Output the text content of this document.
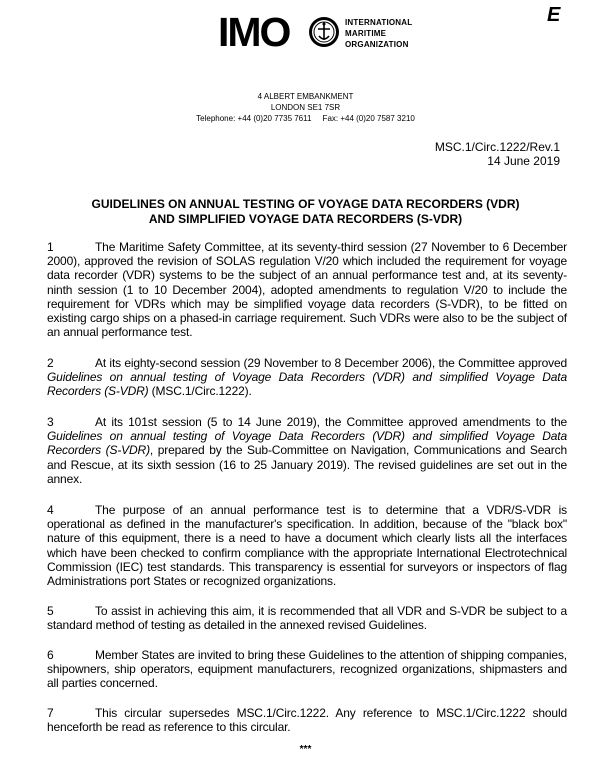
IMO	INTERNATIONAL
MARITIME
ORGANIZATION
E
4 ALBERT EMBANKMENT
LONDON SE1 7SR
Telephone: +44 (0)20 7735 7611     Fax: +44 (0)20 7587 3210
MSC.1/Circ.1222/Rev.1
14 June 2019
GUIDELINES ON ANNUAL TESTING OF VOYAGE DATA RECORDERS (VDR)
AND SIMPLIFIED VOYAGE DATA RECORDERS (S-VDR)
1	The Maritime Safety Committee, at its seventy-third session (27 November to 6 December 2000), approved the revision of SOLAS regulation V/20 which included the requirement for voyage data recorder (VDR) systems to be the subject of an annual performance test and, at its seventy-ninth session (1 to 10 December 2004), adopted amendments to regulation V/20 to include the requirement for VDRs which may be simplified voyage data recorders (S-VDR), to be fitted on existing cargo ships on a phased-in carriage requirement. Such VDRs were also to be the subject of an annual performance test.
2	At its eighty-second session (29 November to 8 December 2006), the Committee approved Guidelines on annual testing of Voyage Data Recorders (VDR) and simplified Voyage Data Recorders (S-VDR) (MSC.1/Circ.1222).
3	At its 101st session (5 to 14 June 2019), the Committee approved amendments to the Guidelines on annual testing of Voyage Data Recorders (VDR) and simplified Voyage Data Recorders (S-VDR), prepared by the Sub-Committee on Navigation, Communications and Search and Rescue, at its sixth session (16 to 25 January 2019). The revised guidelines are set out in the annex.
4	The purpose of an annual performance test is to determine that a VDR/S-VDR is operational as defined in the manufacturer's specification. In addition, because of the "black box" nature of this equipment, there is a need to have a document which clearly lists all the interfaces which have been checked to confirm compliance with the appropriate International Electrotechnical Commission (IEC) test standards. This transparency is essential for surveyors or inspectors of flag Administrations port States or recognized organizations.
5	To assist in achieving this aim, it is recommended that all VDR and S-VDR be subject to a standard method of testing as detailed in the annexed revised Guidelines.
6	Member States are invited to bring these Guidelines to the attention of shipping companies, shipowners, ship operators, equipment manufacturers, recognized organizations, shipmasters and all parties concerned.
7	This circular supersedes MSC.1/Circ.1222. Any reference to MSC.1/Circ.1222 should henceforth be read as reference to this circular.
***
